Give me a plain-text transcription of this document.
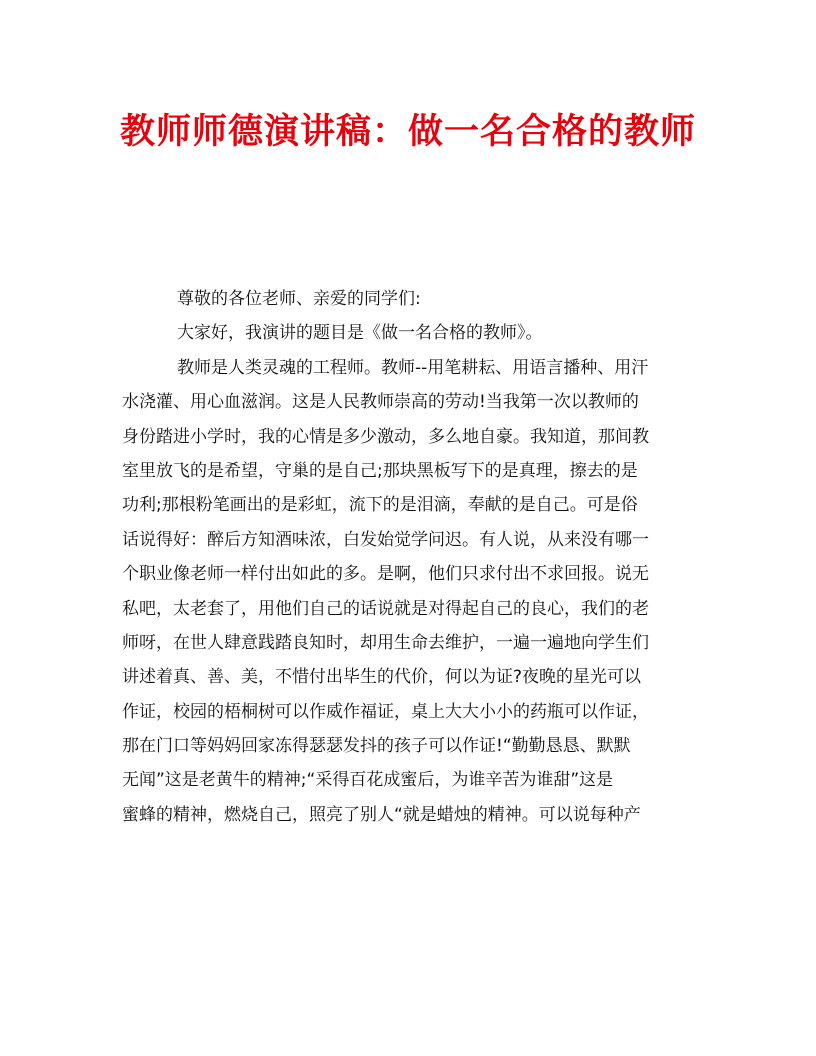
教师师德演讲稿：做一名合格的教师
尊敬的各位老师、亲爱的同学们:
大家好，我演讲的题目是《做一名合格的教师》。
教师是人类灵魂的工程师。教师--用笔耕耘、用语言播种、用汗
水浇灌、用心血滋润。这是人民教师崇高的劳动!当我第一次以教师的
身份踏进小学时，我的心情是多少激动，多么地自豪。我知道，那间教
室里放飞的是希望，守巢的是自己;那块黑板写下的是真理，擦去的是
功利;那根粉笔画出的是彩虹，流下的是泪滴，奉献的是自己。可是俗
话说得好：醉后方知酒味浓，白发始觉学问迟。有人说，从来没有哪一
个职业像老师一样付出如此的多。是啊，他们只求付出不求回报。说无
私吧，太老套了，用他们自己的话说就是对得起自己的良心，我们的老
师呀，在世人肆意践踏良知时，却用生命去维护，一遍一遍地向学生们
讲述着真、善、美，不惜付出毕生的代价，何以为证?夜晚的星光可以
作证，校园的梧桐树可以作威作福证，桌上大大小小的药瓶可以作证，
那在门口等妈妈回家冻得瑟瑟发抖的孩子可以作证!“勤勤恳恳、默默
无闻”这是老黄牛的精神;“采得百花成蜜后，为谁辛苦为谁甜”这是
蜜蜂的精神，燃烧自己，照亮了别人“就是蜡烛的精神。可以说每种产
